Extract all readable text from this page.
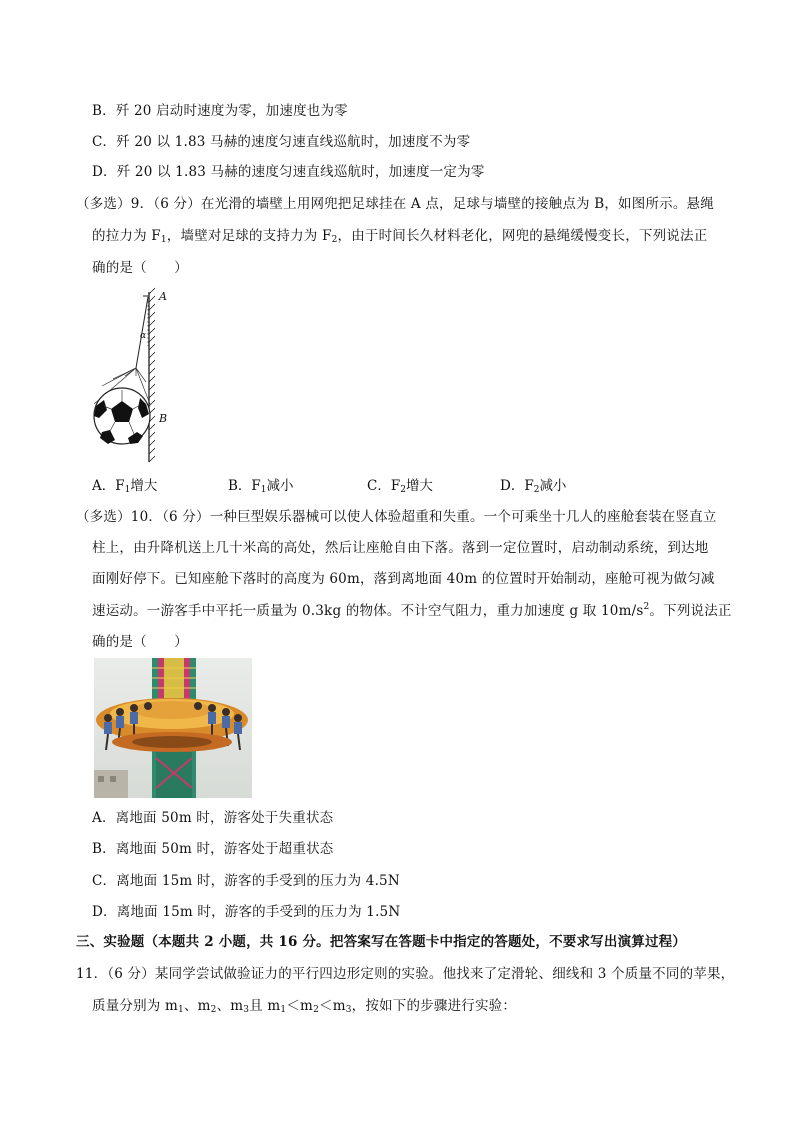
B．歼 20 启动时速度为零，加速度也为零
C．歼 20 以 1.83 马赫的速度匀速直线巡航时，加速度不为零
D．歼 20 以 1.83 马赫的速度匀速直线巡航时，加速度一定为零
（多选）9．（6 分）在光滑的墙壁上用网兜把足球挂在 A 点，足球与墙壁的接触点为 B，如图所示。悬绳
的拉力为 $F_1$，墙壁对足球的支持力为 $F_2$，由于时间长久材料老化，网兜的悬绳缓慢变长，下列说法正
确的是（　　）
A
α
B
A．$F_1$增大	B．$F_1$减小	C．$F_2$增大	D．$F_2$减小
（多选）10．（6 分）一种巨型娱乐器械可以使人体验超重和失重。一个可乘坐十几人的座舱套装在竖直立
柱上，由升降机送上几十米高的高处，然后让座舱自由下落。落到一定位置时，启动制动系统，到达地
面刚好停下。已知座舱下落时的高度为 60m，落到离地面 40m 的位置时开始制动，座舱可视为做匀减
速运动。一游客手中平托一质量为 0.3kg 的物体。不计空气阻力，重力加速度 g 取 $10m/s^2$。下列说法正
确的是（　　）
A．离地面 50m 时，游客处于失重状态
B．离地面 50m 时，游客处于超重状态
C．离地面 15m 时，游客的手受到的压力为 4.5N
D．离地面 15m 时，游客的手受到的压力为 1.5N
三、实验题（本题共 2 小题，共 16 分。把答案写在答题卡中指定的答题处，不要求写出演算过程）
11．（6 分）某同学尝试做验证力的平行四边形定则的实验。他找来了定滑轮、细线和 3 个质量不同的苹果，
质量分别为 $m_1$、$m_2$、$m_3$且 $m_1<m_2<m_3$，按如下的步骤进行实验：
